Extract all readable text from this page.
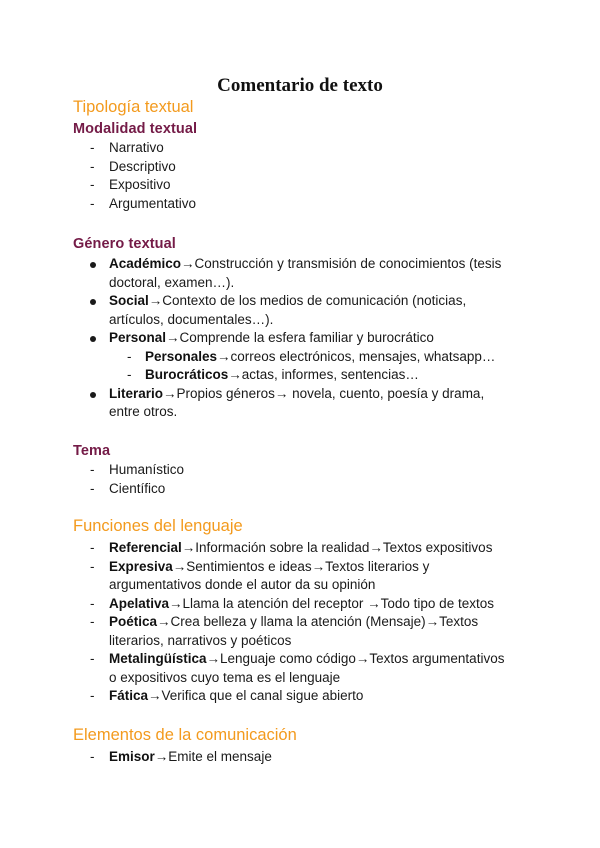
Comentario de texto
Tipología textual
Modalidad textual
- Narrativo
- Descriptivo
- Expositivo
- Argumentativo
Género textual
Académico→Construcción y transmisión de conocimientos (tesis doctoral, examen…).
Social→Contexto de los medios de comunicación (noticias, artículos, documentales…).
Personal→Comprende la esfera familiar y burocrático
- Personales→correos electrónicos, mensajes, whatsapp…
- Burocráticos→actas, informes, sentencias…
Literario→Propios géneros→ novela, cuento, poesía y drama, entre otros.
Tema
- Humanístico
- Científico
Funciones del lenguaje
- Referencial→Información sobre la realidad→Textos expositivos
- Expresiva→Sentimientos e ideas→Textos literarios y argumentativos donde el autor da su opinión
- Apelativa→Llama la atención del receptor →Todo tipo de textos
- Poética→Crea belleza y llama la atención (Mensaje)→Textos literarios, narrativos y poéticos
- Metalingüística→Lenguaje como código→Textos argumentativos o expositivos cuyo tema es el lenguaje
- Fática→Verifica que el canal sigue abierto
Elementos de la comunicación
- Emisor→Emite el mensaje
